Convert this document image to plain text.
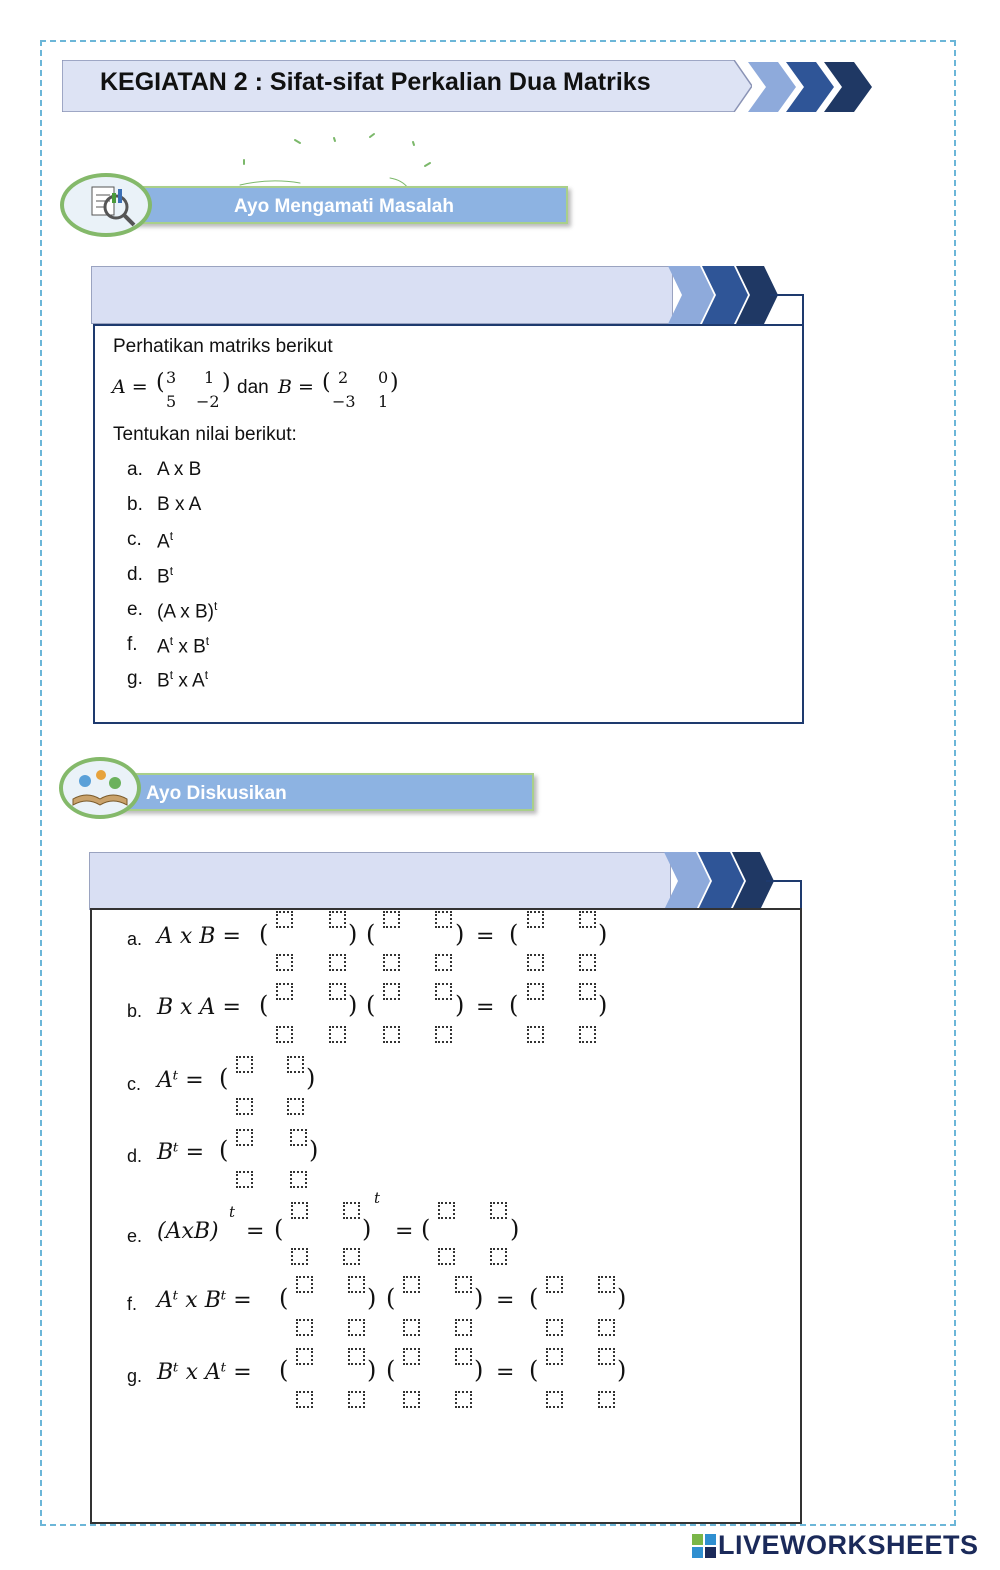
KEGIATAN 2 : Sifat-sifat Perkalian Dua Matriks
Ayo Mengamati Masalah
Perhatikan matriks berikut
A = ( 3 1
5 −2
) dan B = ( 2 0
−3 1
)
Tentukan nilai berikut:
a. A x B
b. B x A
c. $A^t$
d. $B^t$
e. (A x B)$^t$
f. $A^t$ x $B^t$
g. $B^t$ x $A^t$
Ayo Diskusikan
a. A x B = (	) (	) = (	)
b. B x A = (	) (	) = (	)
c. Aᵗ = (	)
d. Bᵗ = (	)
e. (AxB)
t
= (	)
t
= (	)
f. Aᵗ x Bᵗ = (	) (	) = (	)
g. Bᵗ x Aᵗ = (	) (	) = (	)
LIVEWORKSHEETS
